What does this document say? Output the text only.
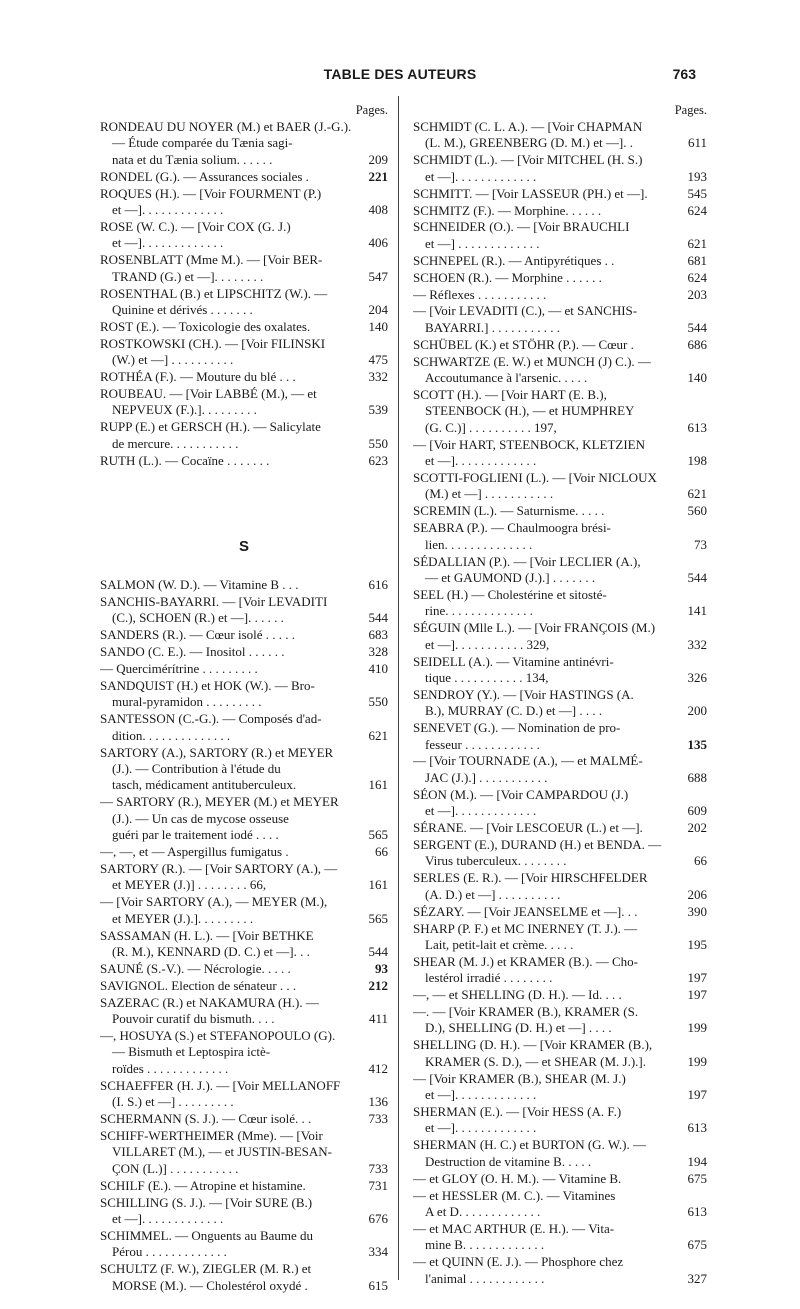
TABLE DES AUTEURS	763
Pages.
RONDEAU DU NOYER (M.) et BAER (J.-G.).
— Étude comparée du Tænia sagi-
nata et du Tænia solium. . . . . .	209
RONDEL (G.). — Assurances sociales .	221
ROQUES (H.). — [Voir FOURMENT (P.)
et —]. . . . . . . . . . . . .	408
ROSE (W. C.). — [Voir COX (G. J.)
et —]. . . . . . . . . . . . .	406
ROSENBLATT (Mme M.). — [Voir BER-
TRAND (G.) et —]. . . . . . . .	547
ROSENTHAL (B.) et LIPSCHITZ (W.). —
Quinine et dérivés . . . . . . .	204
ROST (E.). — Toxicologie des oxalates.	140
ROSTKOWSKI (CH.). — [Voir FILINSKI
(W.) et —] . . . . . . . . . .	475
ROTHÉA (F.). — Mouture du blé . . .	332
ROUBEAU. — [Voir LABBÉ (M.), — et
NEPVEUX (F.).]. . . . . . . . .	539
RUPP (E.) et GERSCH (H.). — Salicylate
de mercure. . . . . . . . . . .	550
RUTH (L.). — Cocaïne . . . . . . .	623
S
SALMON (W. D.). — Vitamine B . . .	616
SANCHIS-BAYARRI. — [Voir LEVADITI
(C.), SCHOEN (R.) et —]. . . . . .	544
SANDERS (R.). — Cœur isolé . . . . .	683
SANDO (C. E.). — Inositol . . . . . .	328
— Quercimérítrine . . . . . . . . .	410
SANDQUIST (H.) et HOK (W.). — Bro-
mural-pyramidon . . . . . . . . .	550
SANTESSON (C.-G.). — Composés d'ad-
dition. . . . . . . . . . . . . .	621
SARTORY (A.), SARTORY (R.) et MEYER
(J.). — Contribution à l'étude du
tasch, médicament antituberculeux.	161
— SARTORY (R.), MEYER (M.) et MEYER
(J.). — Un cas de mycose osseuse
guéri par le traitement iodé . . . .	565
—, —, et — Aspergillus fumigatus .	66
SARTORY (R.). — [Voir SARTORY (A.), —
et MEYER (J.)] . . . . . . . . 66,	161
— [Voir SARTORY (A.), — MEYER (M.),
et MEYER (J.).]. . . . . . . . .	565
SASSAMAN (H. L.). — [Voir BETHKE
(R. M.), KENNARD (D. C.) et —]. . .	544
SAUNÉ (S.-V.). — Nécrologie. . . . .	93
SAVIGNOL. Election de sénateur . . .	212
SAZERAC (R.) et NAKAMURA (H.). —
Pouvoir curatif du bismuth. . . .	411
—, HOSUYA (S.) et STEFANOPOULO (G).
— Bismuth et Leptospira ictè-
roïdes . . . . . . . . . . . . .	412
SCHAEFFER (H. J.). — [Voir MELLANOFF
(I. S.) et —] . . . . . . . . .	136
SCHERMANN (S. J.). — Cœur isolé. . .	733
SCHIFF-WERTHEIMER (Mme). — [Voir
VILLARET (M.), — et JUSTIN-BESAN-
ÇON (L.)] . . . . . . . . . . .	733
SCHILF (E.). — Atropine et histamine.	731
SCHILLING (S. J.). — [Voir SURE (B.)
et —]. . . . . . . . . . . . .	676
SCHIMMEL. — Onguents au Baume du
Pérou . . . . . . . . . . . . .	334
SCHULTZ (F. W.), ZIEGLER (M. R.) et
MORSE (M.). — Cholestérol oxydé .	615
Pages.
SCHMIDT (C. L. A.). — [Voir CHAPMAN
(L. M.), GREENBERG (D. M.) et —]. .	611
SCHMIDT (L.). — [Voir MITCHEL (H. S.)
et —]. . . . . . . . . . . . .	193
SCHMITT. — [Voir LASSEUR (PH.) et —].	545
SCHMITZ (F.). — Morphine. . . . . .	624
SCHNEIDER (O.). — [Voir BRAUCHLI
et —] . . . . . . . . . . . . .	621
SCHNEPEL (R.). — Antipyrétiques . .	681
SCHOEN (R.). — Morphine . . . . . .	624
— Réflexes . . . . . . . . . . .	203
— [Voir LEVADITI (C.), — et SANCHIS-
BAYARRI.] . . . . . . . . . . .	544
SCHÜBEL (K.) et STÖHR (P.). — Cœur .	686
SCHWARTZE (E. W.) et MUNCH (J) C.). —
Accoutumance à l'arsenic. . . . .	140
SCOTT (H.). — [Voir HART (E. B.),
STEENBOCK (H.), — et HUMPHREY
(G. C.)] . . . . . . . . . . 197,	613
— [Voir HART, STEENBOCK, KLETZIEN
et —]. . . . . . . . . . . . .	198
SCOTTI-FOGLIENI (L.). — [Voir NICLOUX
(M.) et —] . . . . . . . . . . .	621
SCREMIN (L.). — Saturnisme. . . . .	560
SEABRA (P.). — Chaulmoogra brési-
lien. . . . . . . . . . . . . .	73
SÉDALLIAN (P.). — [Voir LECLIER (A.),
— et GAUMOND (J.).] . . . . . . .	544
SEEL (H.) — Cholestérine et sitosté-
rine. . . . . . . . . . . . . .	141
SÉGUIN (Mlle L.). — [Voir FRANÇOIS (M.)
et —]. . . . . . . . . . . 329,	332
SEIDELL (A.). — Vitamine antinévri-
tique . . . . . . . . . . . 134,	326
SENDROY (Y.). — [Voir HASTINGS (A.
B.), MURRAY (C. D.) et —] . . . .	200
SENEVET (G.). — Nomination de pro-
fesseur . . . . . . . . . . . .	135
— [Voir TOURNADE (A.), — et MALMÉ-
JAC (J.).] . . . . . . . . . . .	688
SÉON (M.). — [Voir CAMPARDOU (J.)
et —]. . . . . . . . . . . . .	609
SÉRANE. — [Voir LESCOEUR (L.) et —].	202
SERGENT (E.), DURAND (H.) et BENDA. —
Virus tuberculeux. . . . . . . .	66
SERLES (E. R.). — [Voir HIRSCHFELDER
(A. D.) et —] . . . . . . . . . .	206
SÉZARY. — [Voir JEANSELME et —]. . .	390
SHARP (P. F.) et MC INERNEY (T. J.). —
Lait, petit-lait et crème. . . . .	195
SHEAR (M. J.) et KRAMER (B.). — Cho-
lestérol irradié . . . . . . . .	197
—, — et SHELLING (D. H.). — Id. . . .	197
—. — [Voir KRAMER (B.), KRAMER (S.
D.), SHELLING (D. H.) et —] . . . .	199
SHELLING (D. H.). — [Voir KRAMER (B.),
KRAMER (S. D.), — et SHEAR (M. J.).].	199
— [Voir KRAMER (B.), SHEAR (M. J.)
et —]. . . . . . . . . . . . .	197
SHERMAN (E.). — [Voir HESS (A. F.)
et —]. . . . . . . . . . . . .	613
SHERMAN (H. C.) et BURTON (G. W.). —
Destruction de vitamine B. . . . .	194
— et GLOY (O. H. M.). — Vitamine B.	675
— et HESSLER (M. C.). — Vitamines
A et D. . . . . . . . . . . . .	613
— et MAC ARTHUR (E. H.). — Vita-
mine B. . . . . . . . . . . . .	675
— et QUINN (E. J.). — Phosphore chez
l'animal . . . . . . . . . . . .	327
